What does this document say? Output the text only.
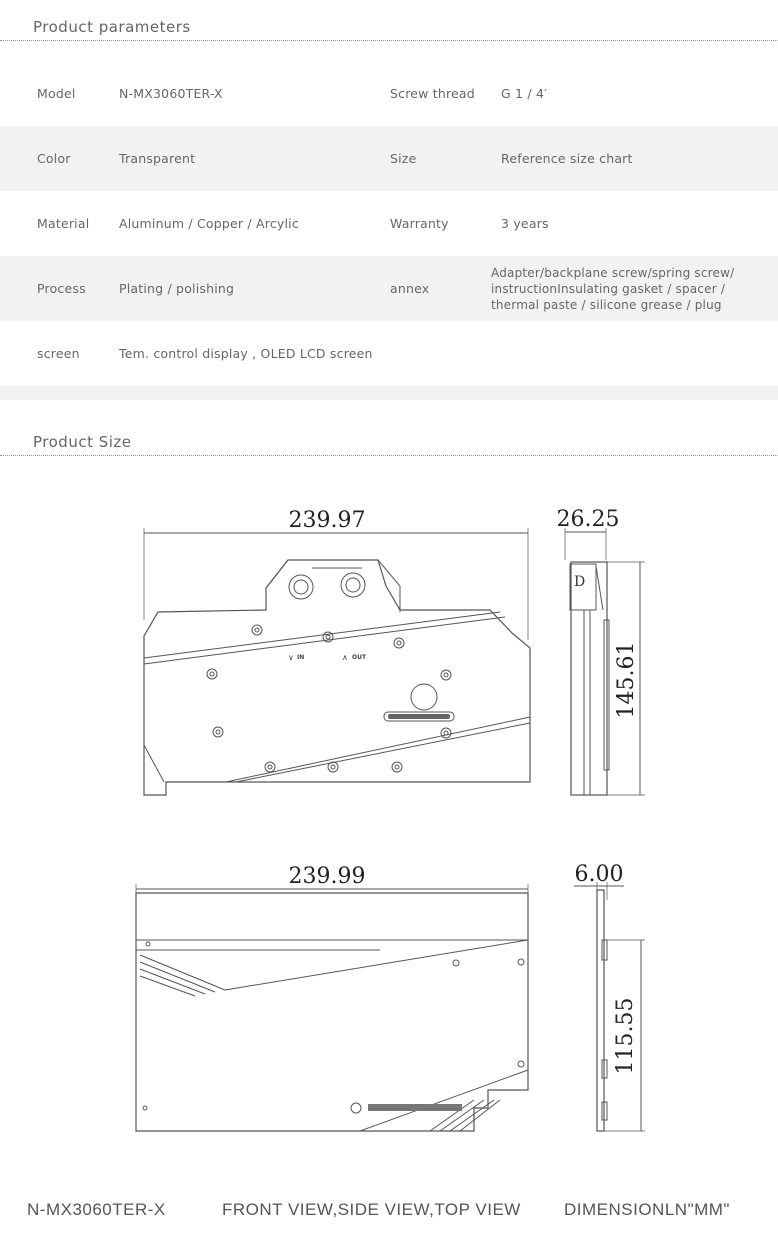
Product parameters
Model	N-MX3060TER-X	Screw thread	G 1 / 4′
Color	Transparent	Size	Reference size chart
Material	Aluminum / Copper / Arcylic	Warranty	3 years
Process	Plating / polishing	annex
Adapter/backplane screw/spring screw/
instructionInsulating gasket / spacer /
thermal paste / silicone grease / plug
screen	Tem. control display , OLED LCD screen
Product Size
D
239.97	26.25
145.61
239.99	6.00
115.55
IN	OUT
∨	∧
N-MX3060TER-X	FRONT VIEW,SIDE VIEW,TOP VIEW	DIMENSIONLN"MM"
